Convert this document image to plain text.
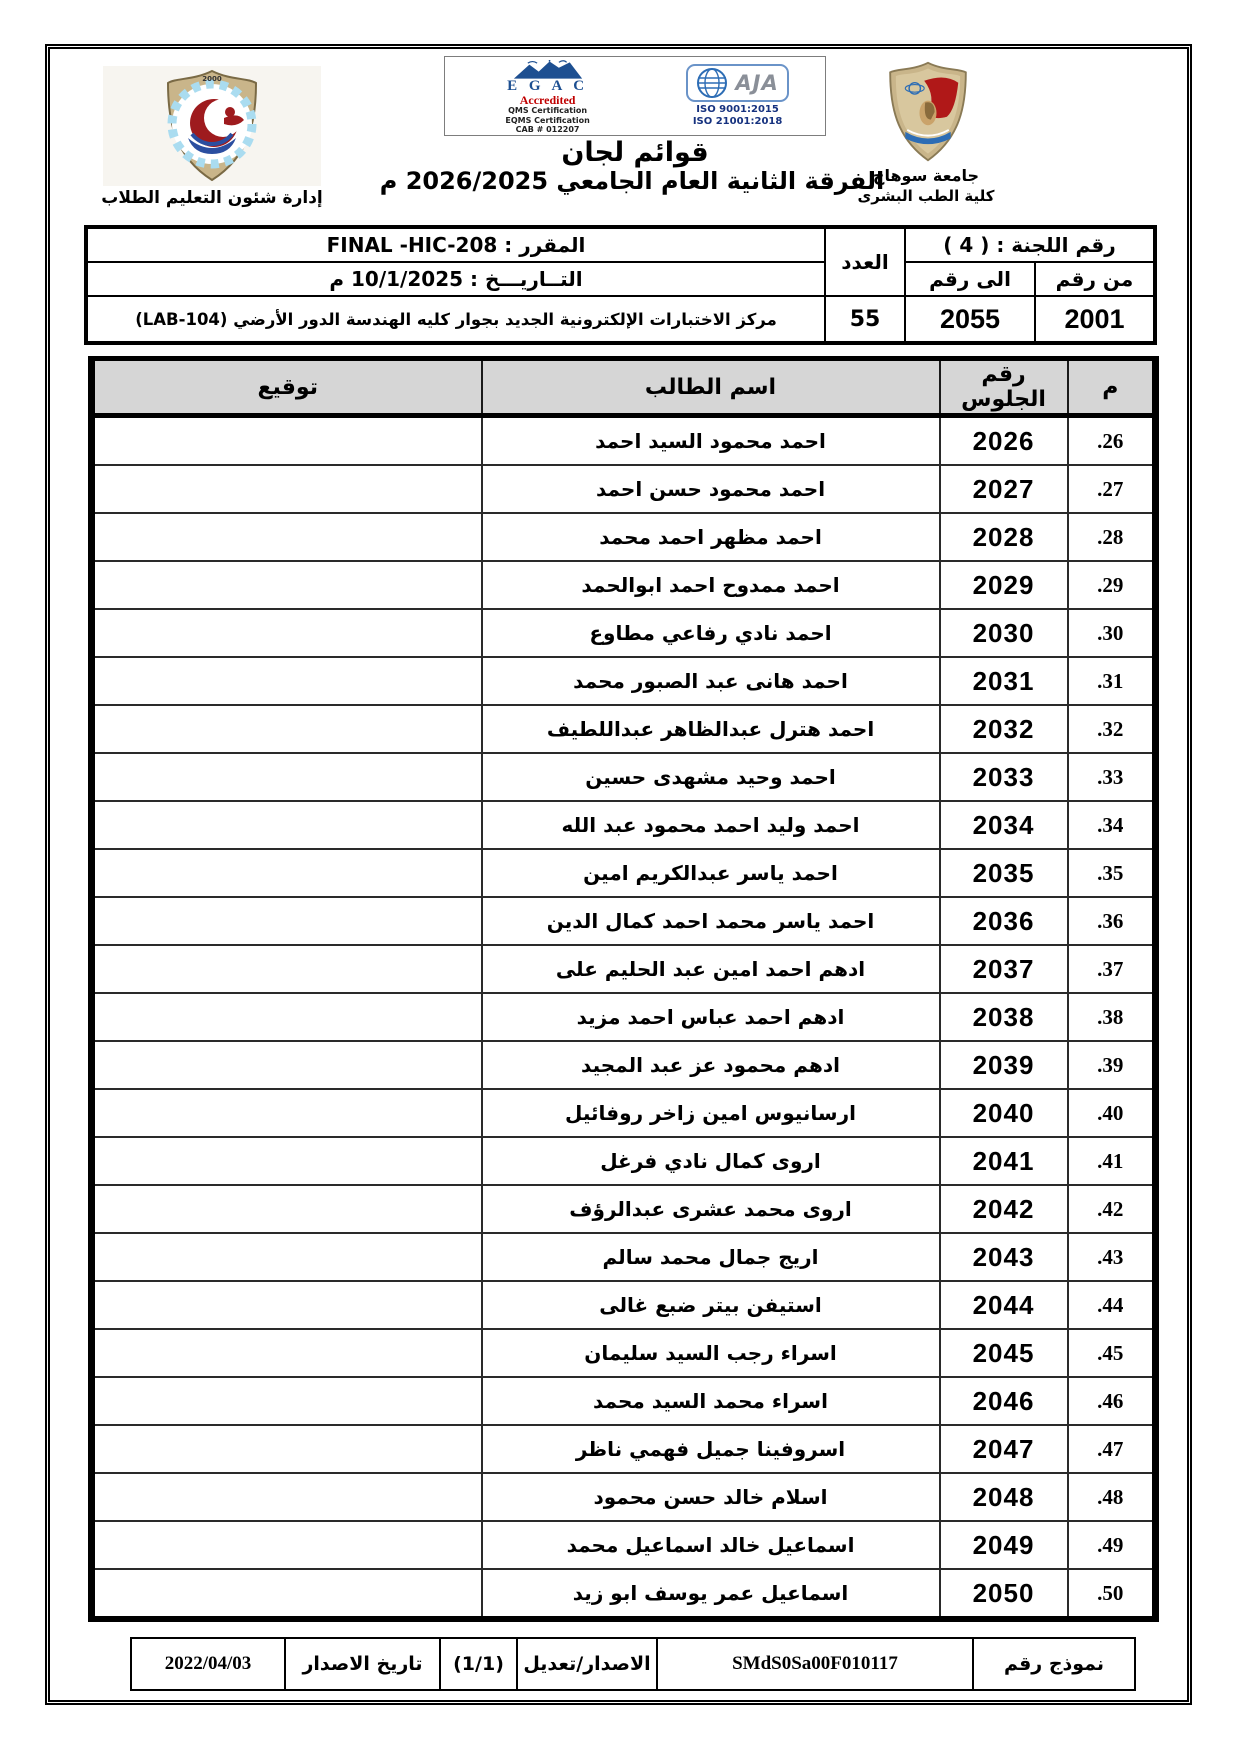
2000
إدارة شئون التعليم الطلاب
E G A C
Accredited
QMS Certification
EQMS Certification
CAB # 012207
AJA
ISO 9001:2015
ISO 21001:2018
قوائم لجان
الفرقة الثانية العام الجامعي 2026/2025 م
جامعة سوهاج
كلية الطب البشرى
رقم اللجنة : ( 4 )		العدد	المقرر : FINAL -HIC-208
من رقم	الى رقم		التــاريـــخ : 10/1/2025 م
2001	2055	55	مركز الاختبارات الإلكترونية الجديد بجوار كليه الهندسة الدور الأرضي (LAB-104)
م	رقم الجلوس	اسم الطالب	توقيع
26.	2026	احمد محمود السيد احمد	
27.	2027	احمد محمود حسن احمد	
28.	2028	احمد مظهر احمد محمد	
29.	2029	احمد ممدوح احمد ابوالحمد	
30.	2030	احمد نادي رفاعي مطاوع	
31.	2031	احمد هانى عبد الصبور محمد	
32.	2032	احمد هترل عبدالظاهر عبداللطيف	
33.	2033	احمد وحيد مشهدى حسين	
34.	2034	احمد وليد احمد محمود عبد الله	
35.	2035	احمد ياسر عبدالكريم امين	
36.	2036	احمد ياسر محمد احمد كمال الدين	
37.	2037	ادهم احمد امين عبد الحليم على	
38.	2038	ادهم احمد عباس احمد مزيد	
39.	2039	ادهم محمود عز عبد المجيد	
40.	2040	ارسانيوس امين زاخر روفائيل	
41.	2041	اروى كمال نادي فرغل	
42.	2042	اروى محمد عشرى عبدالرؤف	
43.	2043	اريج جمال محمد سالم	
44.	2044	استيفن بيتر ضبع غالى	
45.	2045	اسراء رجب السيد سليمان	
46.	2046	اسراء محمد السيد محمد	
47.	2047	اسروفينا جميل فهمي ناظر	
48.	2048	اسلام خالد حسن محمود	
49.	2049	اسماعيل خالد اسماعيل محمد	
50.	2050	اسماعيل عمر يوسف ابو زيد	
نموذج رقم	SMdS0Sa00F010117	الاصدار/تعديل	(1/1)	تاريخ الاصدار	2022/04/03
